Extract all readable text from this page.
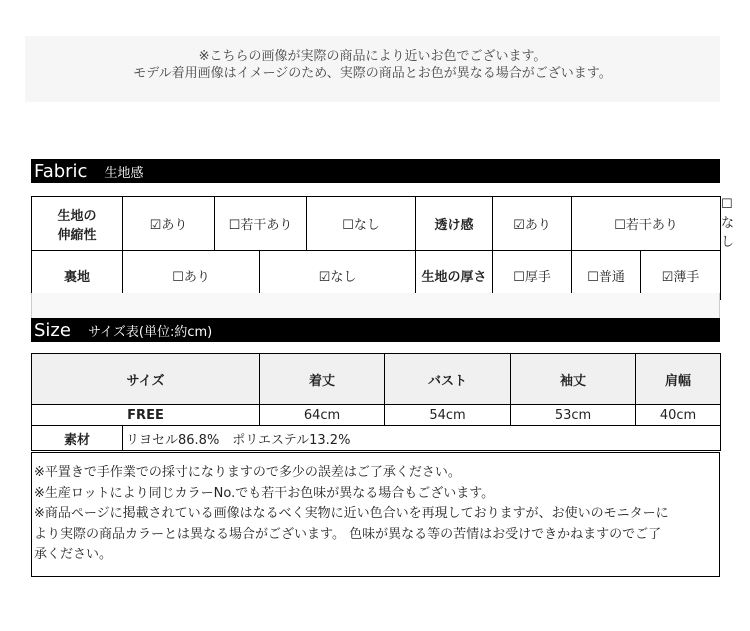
※こちらの画像が実際の商品により近いお色でございます。
モデル着用画像はイメージのため、実際の商品とお色が異なる場合がございます。
Fabric	生地感
生地の
伸縮性	☑あり	☐若干あり		☐なし	透け感	☑あり	☐若干あり		☐なし
裏地	☐あり		☑なし		生地の厚さ	☐厚手	☐普通	☑薄手	
Size	サイズ表(単位:約cm)
サイズ		着丈	バスト	袖丈	肩幅
FREE		64cm	54cm	53cm	40cm
素材	リヨセル86.8%　ポリエステル13.2%				
※平置きで手作業での採寸になりますので多少の誤差はご了承ください。
※生産ロットにより同じカラーNo.でも若干お色味が異なる場合もございます。
※商品ページに掲載されている画像はなるべく実物に近い色合いを再現しておりますが、お使いのモニターに
より実際の商品カラーとは異なる場合がございます。 色味が異なる等の苦情はお受けできかねますのでご了
承ください。
